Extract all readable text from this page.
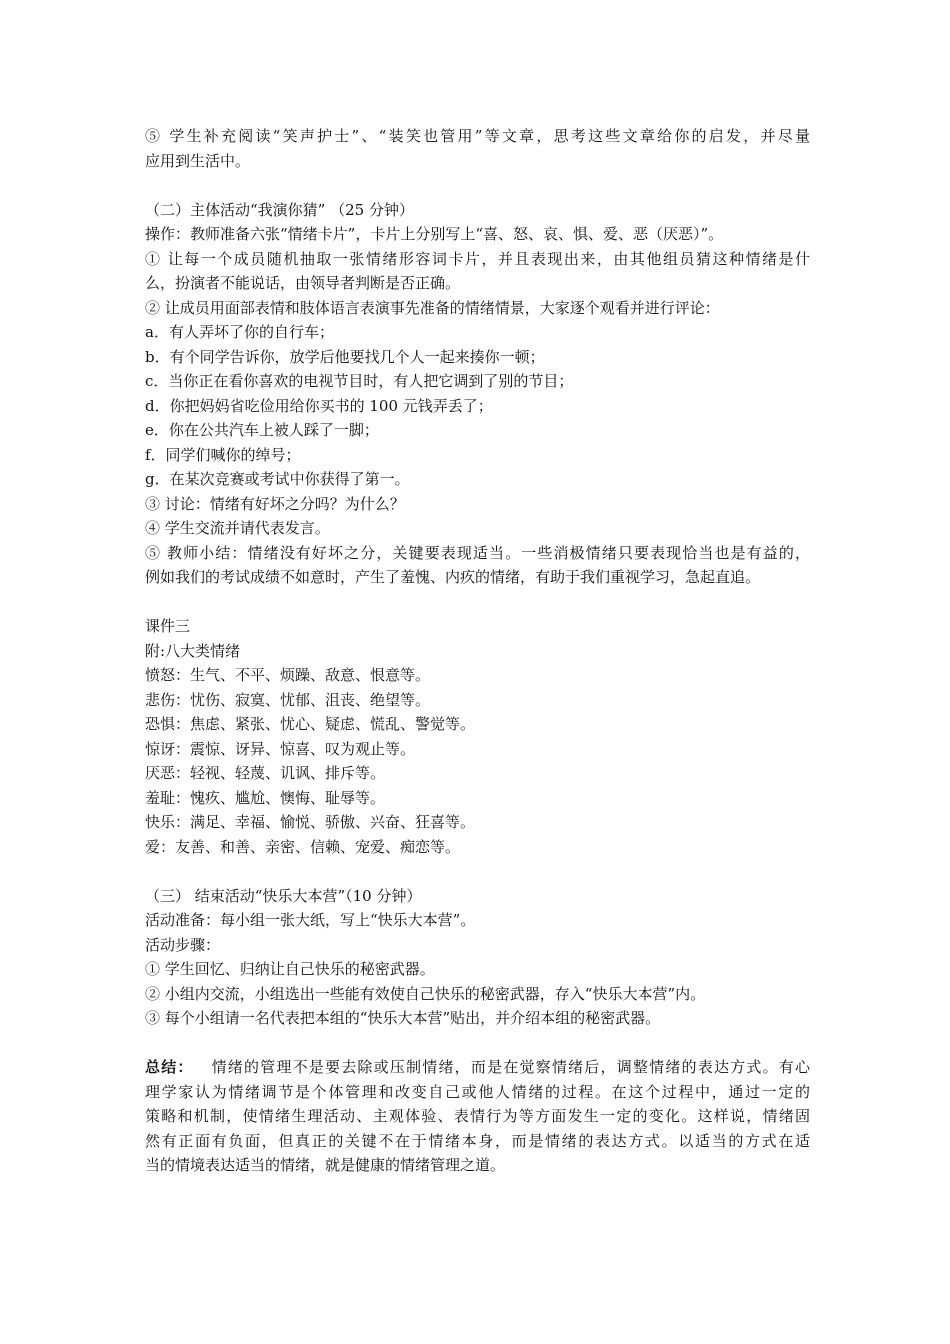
⑤ 学生补充阅读“笑声护士”、“装笑也管用”等文章，思考这些文章给你的启发，并尽量
应用到生活中。
（二）主体活动“我演你猜” （25 分钟）
操作：教师准备六张“情绪卡片”，卡片上分别写上“喜、怒、哀、惧、爱、恶（厌恶）”。
① 让每一个成员随机抽取一张情绪形容词卡片，并且表现出来，由其他组员猜这种情绪是什
么，扮演者不能说话，由领导者判断是否正确。
② 让成员用面部表情和肢体语言表演事先准备的情绪情景，大家逐个观看并进行评论：
a．有人弄坏了你的自行车；
b．有个同学告诉你，放学后他要找几个人一起来揍你一顿；
c．当你正在看你喜欢的电视节目时，有人把它调到了别的节目；
d．你把妈妈省吃俭用给你买书的 100 元钱弄丢了；
e．你在公共汽车上被人踩了一脚；
f．同学们喊你的绰号；
g．在某次竞赛或考试中你获得了第一。
③ 讨论：情绪有好坏之分吗？为什么？
④ 学生交流并请代表发言。
⑤ 教师小结：情绪没有好坏之分，关键要表现适当。一些消极情绪只要表现恰当也是有益的，
例如我们的考试成绩不如意时，产生了羞愧、内疚的情绪，有助于我们重视学习，急起直追。
课件三
附:八大类情绪
愤怒：生气、不平、烦躁、敌意、恨意等。
悲伤：忧伤、寂寞、忧郁、沮丧、绝望等。
恐惧：焦虑、紧张、忧心、疑虑、慌乱、警觉等。
惊讶：震惊、讶异、惊喜、叹为观止等。
厌恶：轻视、轻蔑、讥讽、排斥等。
羞耻：愧疚、尴尬、懊悔、耻辱等。
快乐：满足、幸福、愉悦、骄傲、兴奋、狂喜等。
爱：友善、和善、亲密、信赖、宠爱、痴恋等。
（三） 结束活动“快乐大本营”（10 分钟）
活动准备：每小组一张大纸，写上“快乐大本营”。
活动步骤：
① 学生回忆、归纳让自己快乐的秘密武器。
② 小组内交流，小组选出一些能有效使自己快乐的秘密武器，存入“快乐大本营”内。
③ 每个小组请一名代表把本组的“快乐大本营”贴出，并介绍本组的秘密武器。
总结： 情绪的管理不是要去除或压制情绪，而是在觉察情绪后，调整情绪的表达方式。有心
理学家认为情绪调节是个体管理和改变自己或他人情绪的过程。在这个过程中，通过一定的
策略和机制，使情绪生理活动、主观体验、表情行为等方面发生一定的变化。这样说，情绪固
然有正面有负面，但真正的关键不在于情绪本身，而是情绪的表达方式。以适当的方式在适
当的情境表达适当的情绪，就是健康的情绪管理之道。
